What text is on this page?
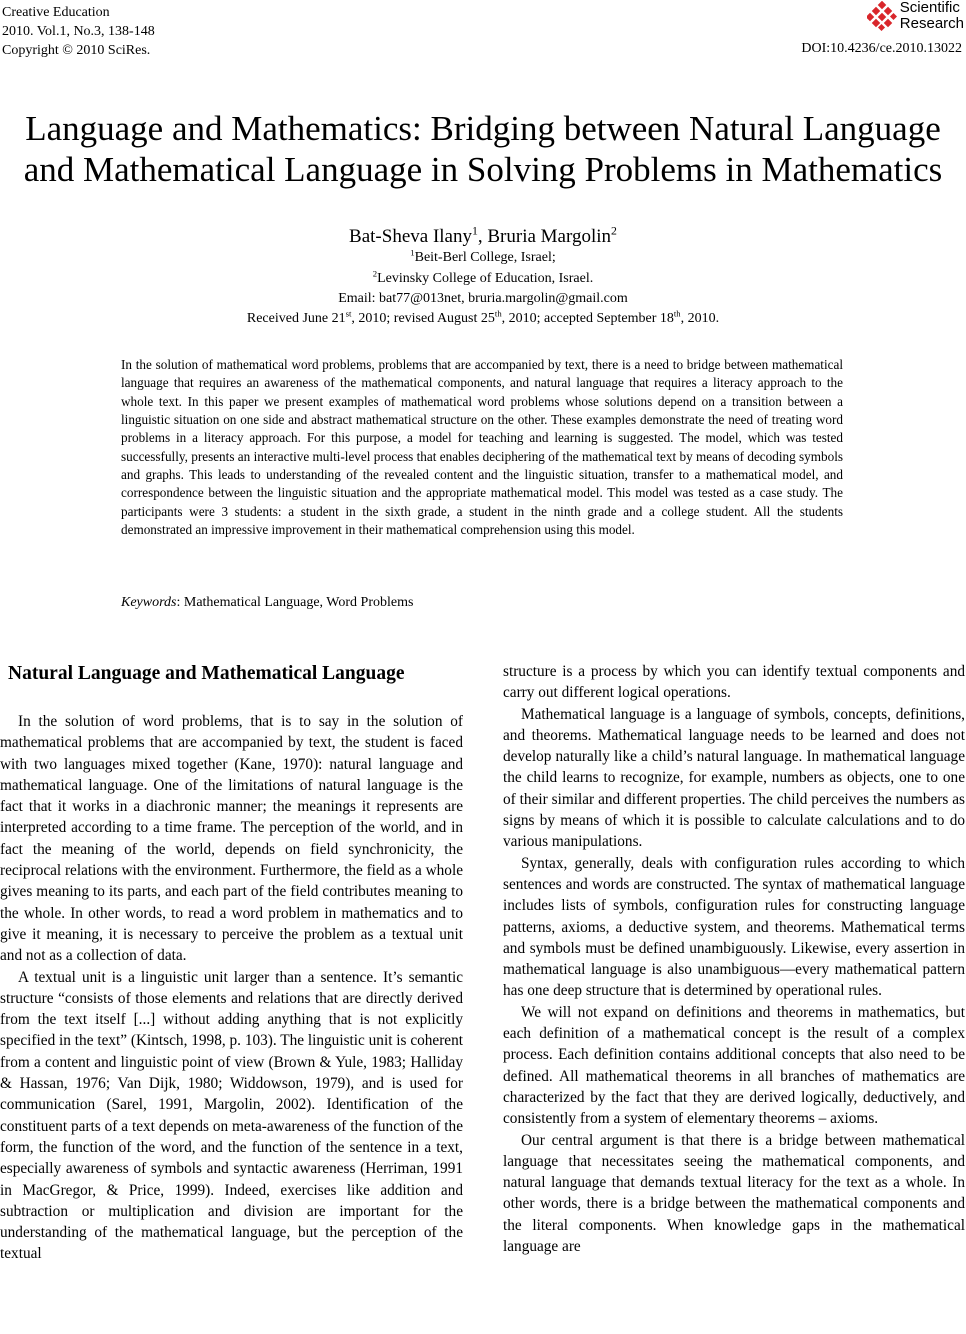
Creative Education
2010. Vol.1, No.3, 138-148
Copyright © 2010 SciRes.
Scientific
Research
DOI:10.4236/ce.2010.13022
Language and Mathematics: Bridging between Natural Language
and Mathematical Language in Solving Problems in Mathematics
Bat-Sheva Ilany$^1$, Bruria Margolin$^2$
$^1$Beit-Berl College, Israel;
$^2$Levinsky College of Education, Israel.
Email: bat77@013net, bruria.margolin@gmail.com
Received June 21st, 2010; revised August 25th, 2010; accepted September 18th, 2010.
In the solution of mathematical word problems, problems that are accompanied by text, there is a need to bridge between mathematical language that requires an awareness of the mathematical components, and natural language that requires a literacy approach to the whole text. In this paper we present examples of mathematical word problems whose solutions depend on a transition between a linguistic situation on one side and abstract mathematical structure on the other. These examples demonstrate the need of treating word problems in a literacy approach. For this purpose, a model for teaching and learning is suggested. The model, which was tested successfully, presents an interactive multi-level process that enables deciphering of the mathematical text by means of decoding symbols and graphs. This leads to understanding of the revealed content and the linguistic situation, transfer to a mathematical model, and correspondence between the linguistic situation and the appropriate mathematical model. This model was tested as a case study. The participants were 3 students: a student in the sixth grade, a student in the ninth grade and a college student. All the students demonstrated an impressive improvement in their mathematical comprehension using this model.
Keywords: Mathematical Language, Word Problems
Natural Language and Mathematical Language

In the solution of word problems, that is to say in the solution of mathematical problems that are accompanied by text, the student is faced with two languages mixed together (Kane, 1970): natural language and mathematical language. One of the limitations of natural language is the fact that it works in a diachronic manner; the meanings it represents are interpreted according to a time frame. The perception of the world, and in fact the meaning of the world, depends on field synchronicity, the reciprocal relations with the environment. Furthermore, the field as a whole gives meaning to its parts, and each part of the field contributes meaning to the whole. In other words, to read a word problem in mathematics and to give it meaning, it is necessary to perceive the problem as a textual unit and not as a collection of data.

A textual unit is a linguistic unit larger than a sentence. It’s semantic structure “consists of those elements and relations that are directly derived from the text itself [...] without adding anything that is not explicitly specified in the text” (Kintsch, 1998, p. 103). The linguistic unit is coherent from a content and linguistic point of view (Brown & Yule, 1983; Halliday & Hassan, 1976; Van Dijk, 1980; Widdowson, 1979), and is used for communication (Sarel, 1991, Margolin, 2002). Identification of the constituent parts of a text depends on meta-awareness of the function of the form, the function of the word, and the function of the sentence in a text, especially awareness of symbols and syntactic awareness (Herriman, 1991 in MacGregor, & Price, 1999). Indeed, exercises like addition and subtraction or multiplication and division are important for the understanding of the mathematical language, but the perception of the textual

structure is a process by which you can identify textual components and carry out different logical operations.

Mathematical language is a language of symbols, concepts, definitions, and theorems. Mathematical language needs to be learned and does not develop naturally like a child’s natural language. In mathematical language the child learns to recognize, for example, numbers as objects, one to one of their similar and different properties. The child perceives the numbers as signs by means of which it is possible to calculate calculations and to do various manipulations.

Syntax, generally, deals with configuration rules according to which sentences and words are constructed. The syntax of mathematical language includes lists of symbols, configuration rules for constructing language patterns, axioms, a deductive system, and theorems. Mathematical terms and symbols must be defined unambiguously. Likewise, every assertion in mathematical language is also unambiguous—every mathematical pattern has one deep structure that is determined by operational rules.

We will not expand on definitions and theorems in mathematics, but each definition of a mathematical concept is the result of a complex process. Each definition contains additional concepts that also need to be defined. All mathematical theorems in all branches of mathematics are characterized by the fact that they are derived logically, deductively, and consistently from a system of elementary theorems – axioms.

Our central argument is that there is a bridge between mathematical language that necessitates seeing the mathematical components, and natural language that demands textual literacy for the text as a whole. In other words, there is a bridge between the mathematical components and the literal components. When knowledge gaps in the mathematical language are
